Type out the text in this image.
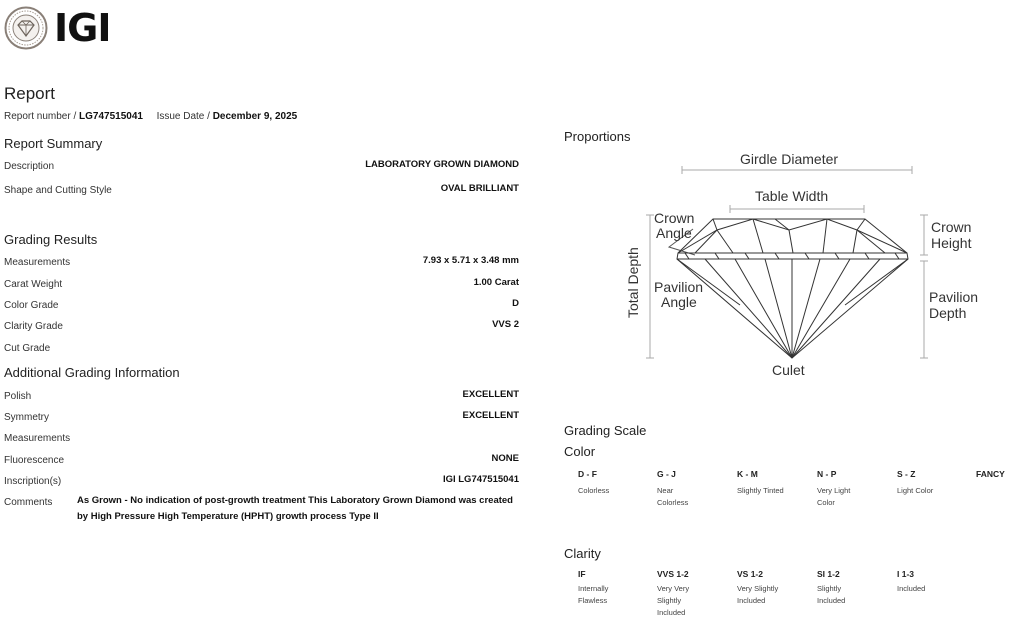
IGI
Report
Report number / LG747515041 Issue Date / December 9, 2025
Report Summary
Description	LABORATORY GROWN DIAMOND
Shape and Cutting Style	OVAL BRILLIANT
Grading Results
Measurements	7.93 x 5.71 x 3.48 mm
Carat Weight	1.00 Carat
Color Grade	D
Clarity Grade	VVS 2
Cut Grade
Additional Grading Information
Polish	EXCELLENT
Symmetry	EXCELLENT
Measurements
Fluorescence	NONE
Inscription(s)	IGI LG747515041
Comments	As Grown - No indication of post-growth treatment This Laboratory Grown Diamond was created by High Pressure High Temperature (HPHT) growth process Type II
Proportions
Girdle Diameter
Table Width
Crown
Angle
Total Depth Pavilion
Angle
Crown
Height
Pavilion
Depth
Culet
Grading Scale
Color
D - F
Colorless
G - J
Near Colorless
K - M
Slightly Tinted
N - P
Very Light Color
S - Z
Light Color
FANCY
Clarity
IF
Internally Flawless
VVS 1-2
Very Very Slightly Included
VS 1-2
Very Slightly Included
SI 1-2
Slightly Included
I 1-3
Included
